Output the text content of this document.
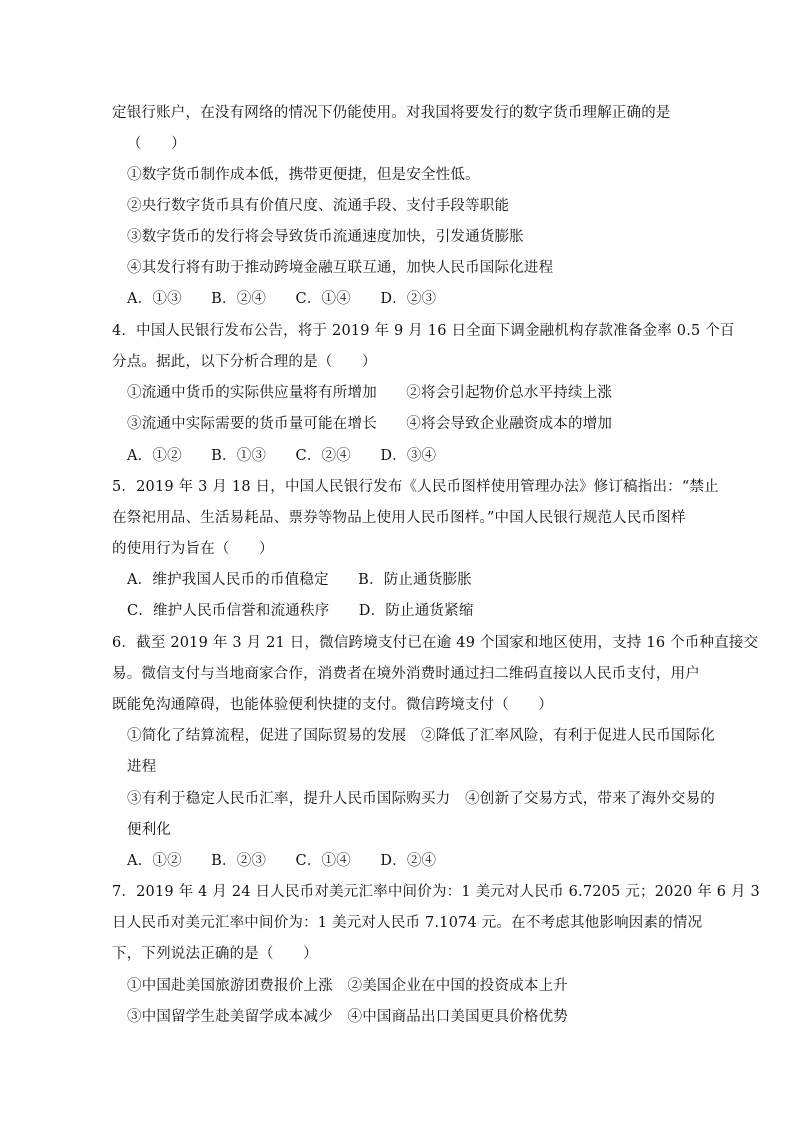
定银行账户，在没有网络的情况下仍能使用。对我国将要发行的数字货币理解正确的是
（　　）
①数字货币制作成本低，携带更便捷，但是安全性低。
②央行数字货币具有价值尺度、流通手段、支付手段等职能
③数字货币的发行将会导致货币流通速度加快，引发通货膨胀
④其发行将有助于推动跨境金融互联互通，加快人民币国际化进程
A．①③　　B．②④　　C．①④　　D．②③
4．中国人民银行发布公告，将于 2019 年 9 月 16 日全面下调金融机构存款准备金率 0.5 个百
分点。据此，以下分析合理的是（　　）
①流通中货币的实际供应量将有所增加　　②将会引起物价总水平持续上涨
③流通中实际需要的货币量可能在增长　　④将会导致企业融资成本的增加
A．①②　　B．①③　　C．②④　　D．③④
5．2019 年 3 月 18 日，中国人民银行发布《人民币图样使用管理办法》修订稿指出：“禁止
在祭祀用品、生活易耗品、票券等物品上使用人民币图样。”中国人民银行规范人民币图样
的使用行为旨在（　　）
A．维护我国人民币的币值稳定　　B．防止通货膨胀
C．维护人民币信誉和流通秩序　　D．防止通货紧缩
6．截至 2019 年 3 月 21 日，微信跨境支付已在逾 49 个国家和地区使用，支持 16 个币种直接交
易。微信支付与当地商家合作，消费者在境外消费时通过扫二维码直接以人民币支付，用户
既能免沟通障碍，也能体验便利快捷的支付。微信跨境支付（　　）
①简化了结算流程，促进了国际贸易的发展　②降低了汇率风险，有利于促进人民币国际化
进程
③有利于稳定人民币汇率，提升人民币国际购买力　④创新了交易方式，带来了海外交易的
便利化
A．①②　　B．②③　　C．①④　　D．②④
7．2019 年 4 月 24 日人民币对美元汇率中间价为：1 美元对人民币 6.7205 元；2020 年 6 月 3
日人民币对美元汇率中间价为：1 美元对人民币 7.1074 元。在不考虑其他影响因素的情况
下，下列说法正确的是（　　）
①中国赴美国旅游团费报价上涨　②美国企业在中国的投资成本上升
③中国留学生赴美留学成本减少　④中国商品出口美国更具价格优势
